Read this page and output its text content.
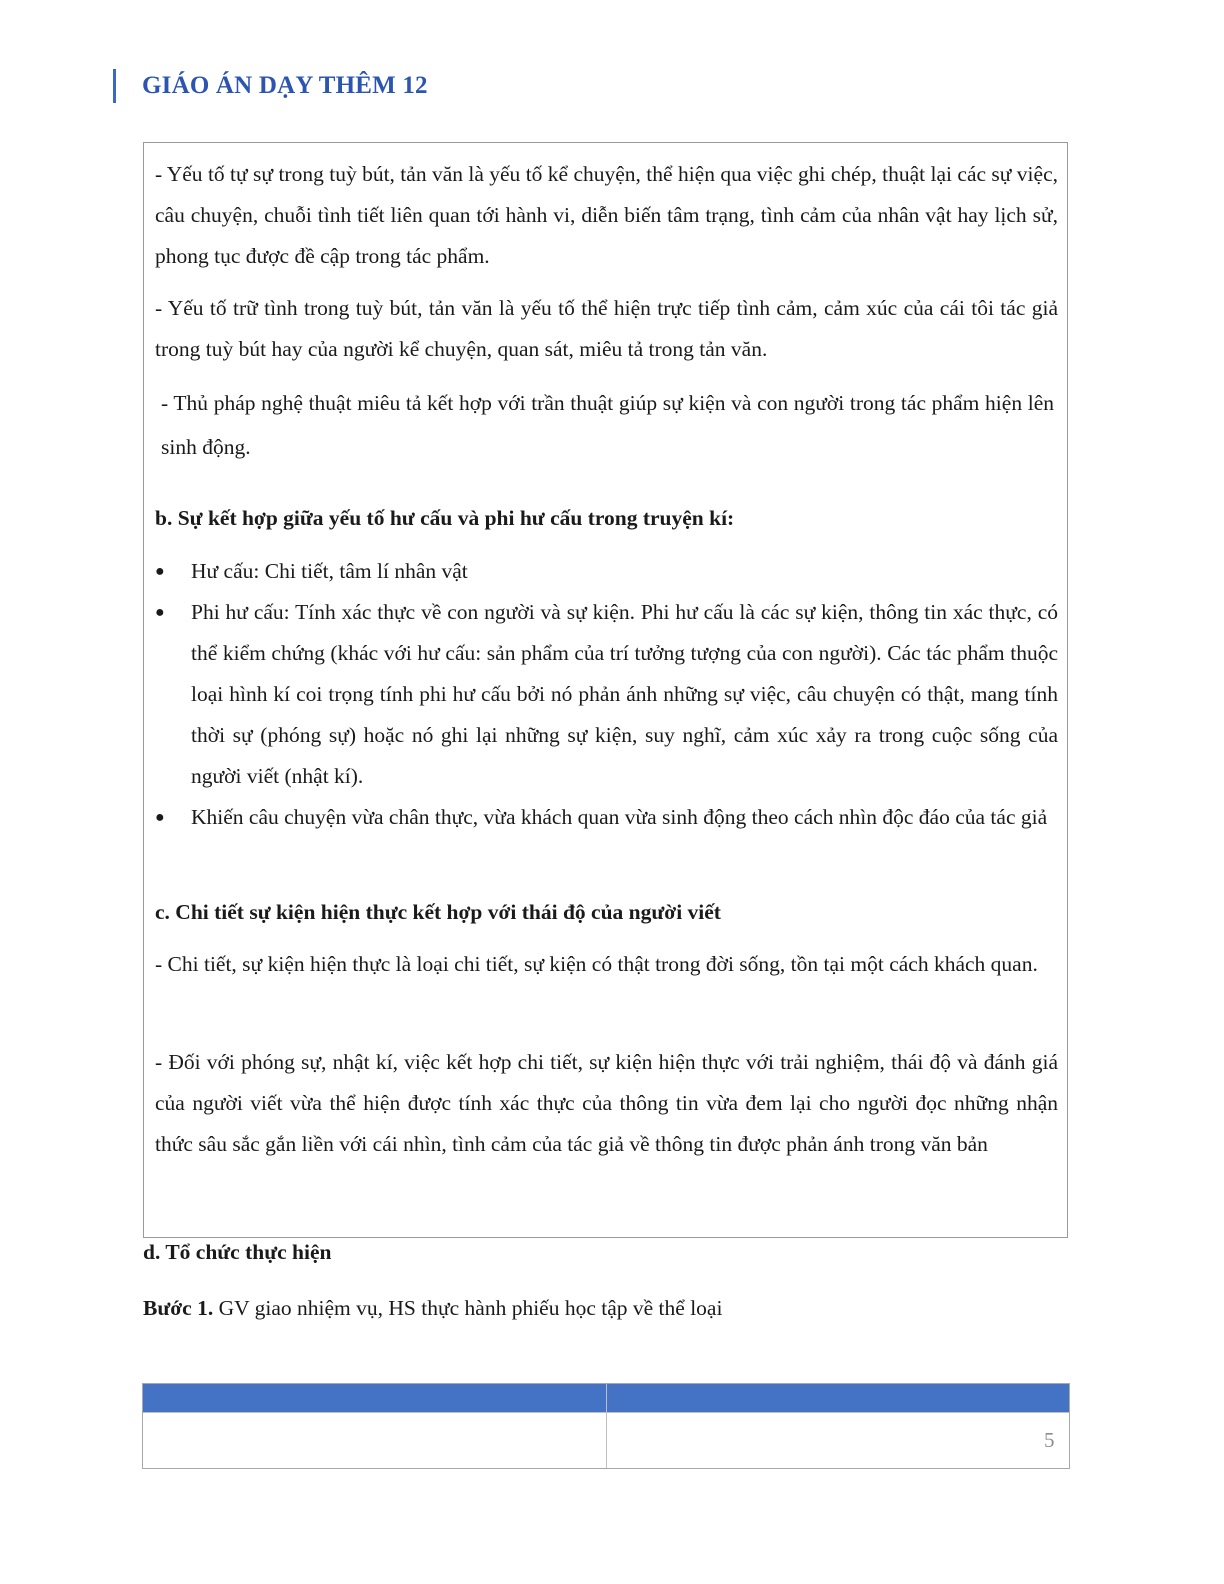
GIÁO ÁN DẠY THÊM 12

- Yếu tố tự sự trong tuỳ bút, tản văn là yếu tố kể chuyện, thể hiện qua việc ghi chép, thuật lại các sự việc, câu chuyện, chuỗi tình tiết liên quan tới hành vi, diễn biến tâm trạng, tình cảm của nhân vật hay lịch sử, phong tục được đề cập trong tác phẩm.

- Yếu tố trữ tình trong tuỳ bút, tản văn là yếu tố thể hiện trực tiếp tình cảm, cảm xúc của cái tôi tác giả trong tuỳ bút hay của người kể chuyện, quan sát, miêu tả trong tản văn.

- Thủ pháp nghệ thuật miêu tả kết hợp với trần thuật giúp sự kiện và con người trong tác phẩm hiện lên sinh động.

b. Sự kết hợp giữa yếu tố hư cấu và phi hư cấu trong truyện kí:

●	Hư cấu: Chi tiết, tâm lí nhân vật
●	Phi hư cấu: Tính xác thực về con người và sự kiện. Phi hư cấu là các sự kiện, thông tin xác thực, có thể kiểm chứng (khác với hư cấu: sản phẩm của trí tưởng tượng của con người). Các tác phẩm thuộc loại hình kí coi trọng tính phi hư cấu bởi nó phản ánh những sự việc, câu chuyện có thật, mang tính thời sự (phóng sự) hoặc nó ghi lại những sự kiện, suy nghĩ, cảm xúc xảy ra trong cuộc sống của người viết (nhật kí).
●	Khiến câu chuyện vừa chân thực, vừa khách quan vừa sinh động theo cách nhìn độc đáo của tác giả

c. Chi tiết sự kiện hiện thực kết hợp với thái độ của người viết

- Chi tiết, sự kiện hiện thực là loại chi tiết, sự kiện có thật trong đời sống, tồn tại một cách khách quan.

- Đối với phóng sự, nhật kí, việc kết hợp chi tiết, sự kiện hiện thực với trải nghiệm, thái độ và đánh giá của người viết vừa thể hiện được tính xác thực của thông tin vừa đem lại cho người đọc những nhận thức sâu sắc gắn liền với cái nhìn, tình cảm của tác giả về thông tin được phản ánh trong văn bản

d. Tổ chức thực hiện

Bước 1. GV giao nhiệm vụ, HS thực hành phiếu học tập về thể loại

5
